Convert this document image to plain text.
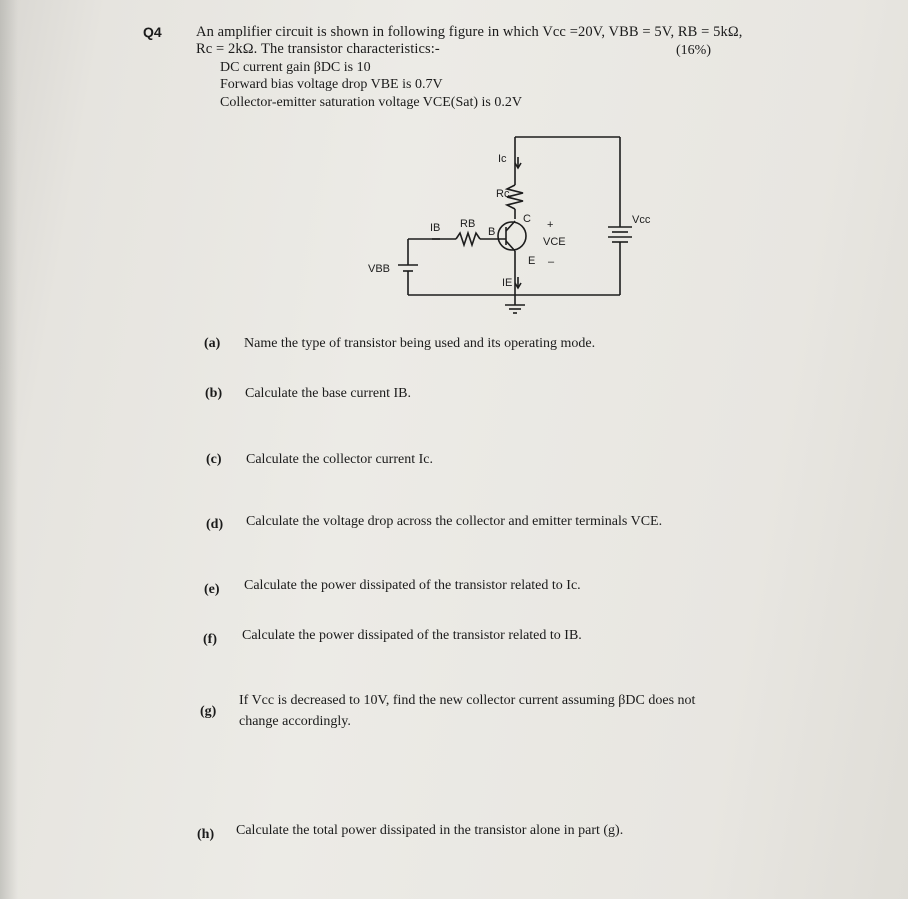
Q4 An amplifier circuit is shown in following figure in which Vcc =20V, VBB = 5V, RB = 5kΩ,
Rc = 2kΩ. The transistor characteristics:-	(16%)
DC current gain βDC is 10
Forward bias voltage drop VBE is 0.7V
Collector-emitter saturation voltage VCE(Sat) is 0.2V
Ic
Rc
IB RB
B
C
E
+
VCE
–
Vcc
VBB
IE
(a) Name the type of transistor being used and its operating mode.
(b) Calculate the base current IB.
(c) Calculate the collector current Ic.
(d) Calculate the voltage drop across the collector and emitter terminals VCE.
(e) Calculate the power dissipated of the transistor related to Ic.
(f) Calculate the power dissipated of the transistor related to IB.
(g)
If Vcc is decreased to 10V, find the new collector current assuming βDC does not
change accordingly.
(h) Calculate the total power dissipated in the transistor alone in part (g).
